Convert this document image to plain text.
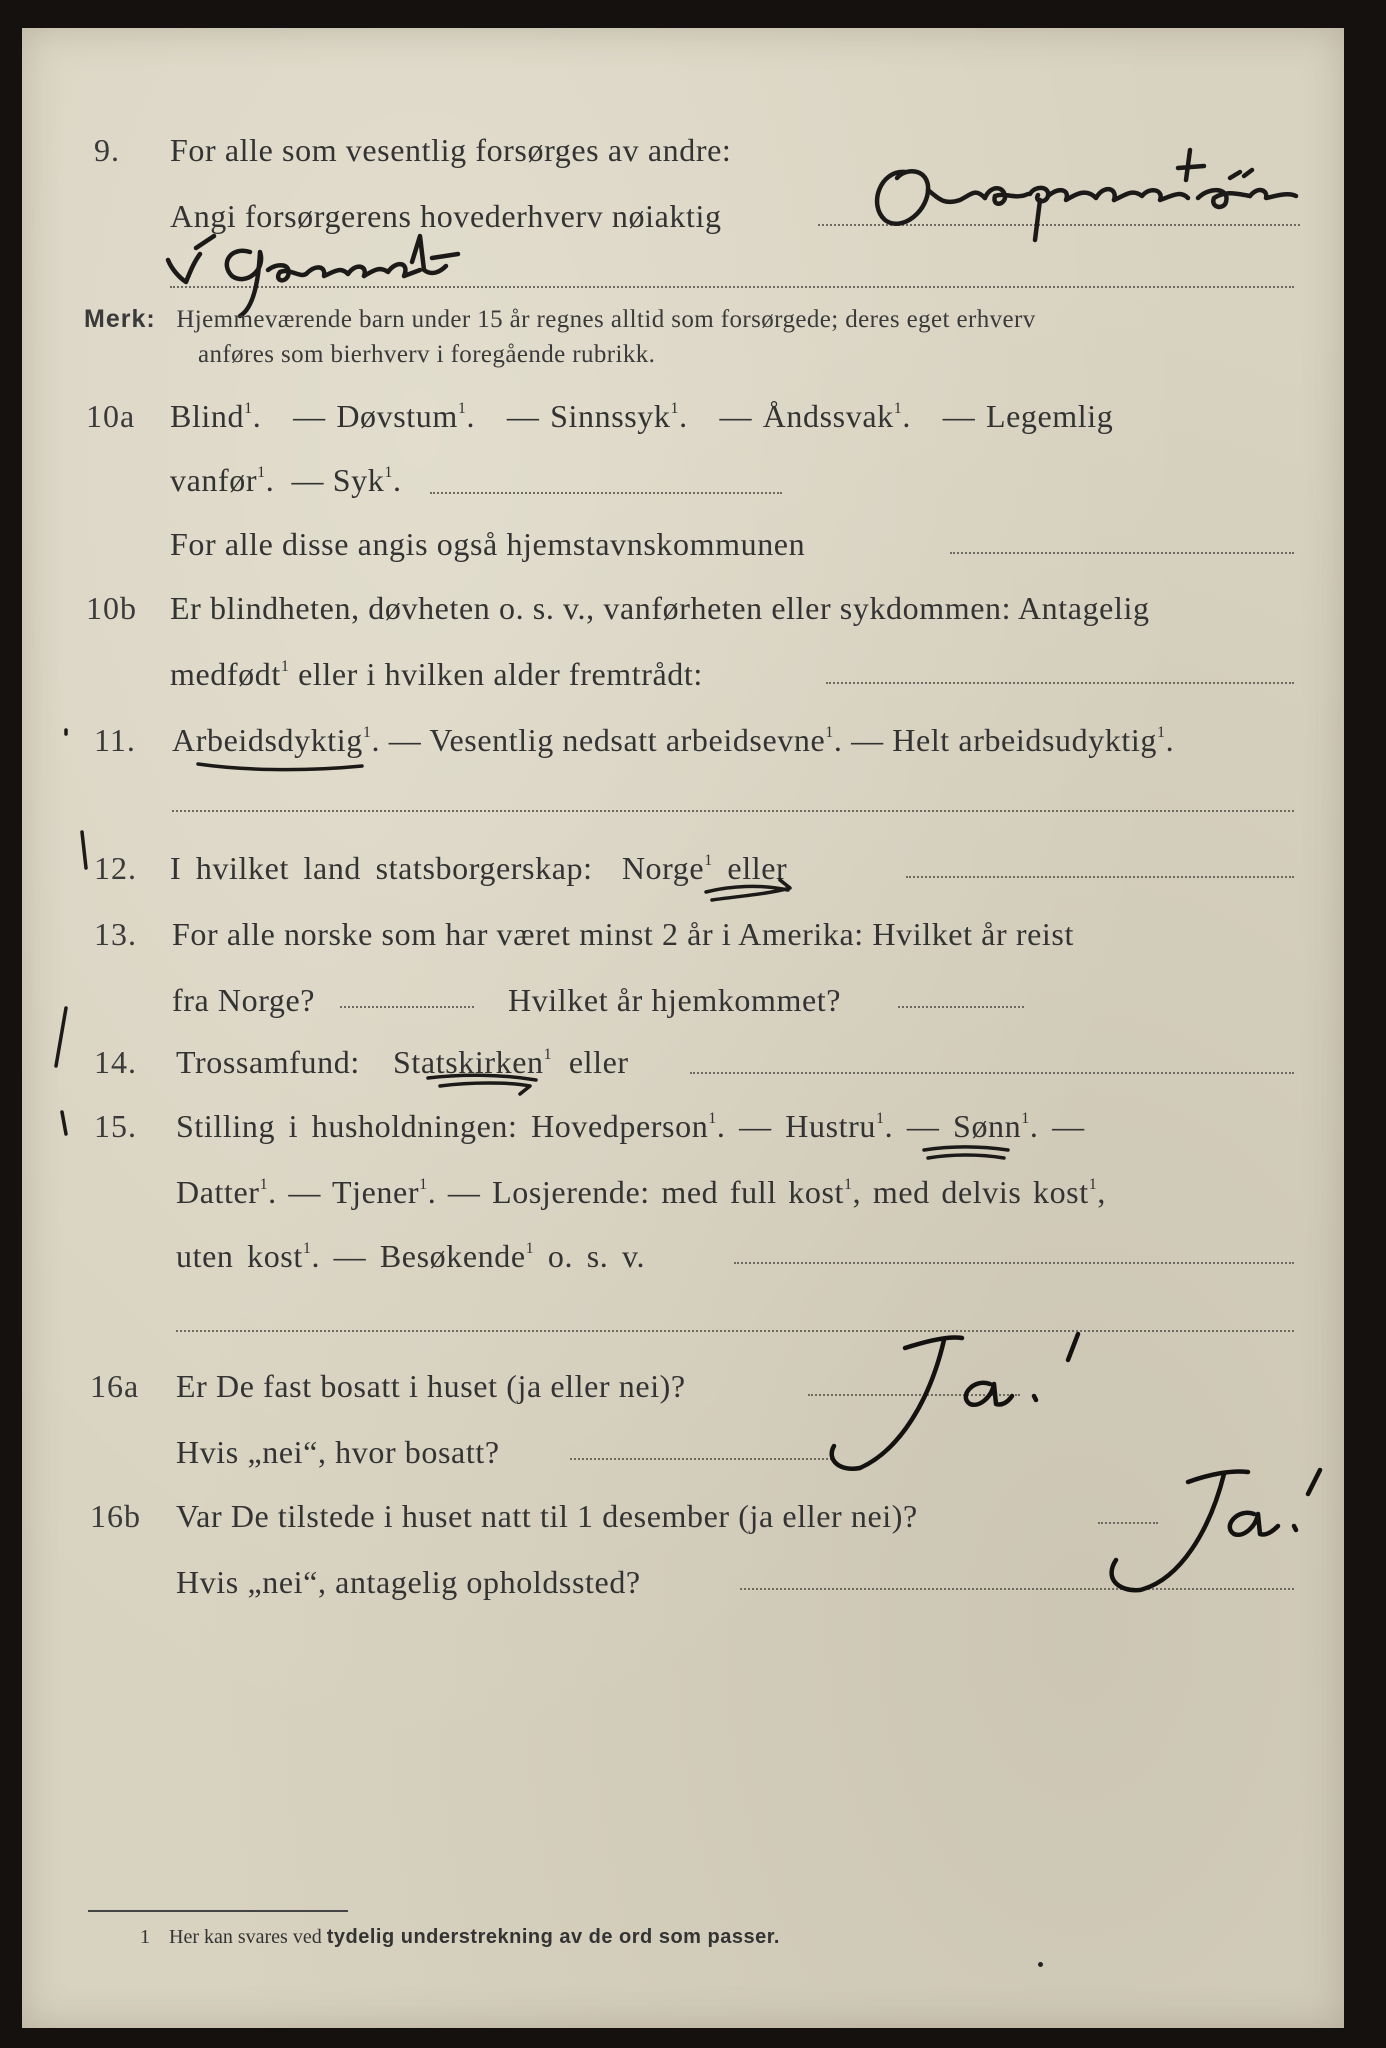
9. For alle som vesentlig forsørges av andre:
Angi forsørgerens hovederhverv nøiaktig
Merk: Hjemmeværende barn under 15 år regnes alltid som forsørgede; deres eget erhverv
anføres som bierhverv i foregående rubrikk.
10a Blind$^1$.   — Døvstum$^1$.   — Sinnssyk$^1$.   — Åndssvak$^1$.   — Legemlig
vanfør$^1$.  — Syk$^1$.
For alle disse angis også hjemstavnskommunen
10b Er blindheten, døvheten o. s. v., vanførheten eller sykdommen: Antagelig
medfødt$^1$ eller i hvilken alder fremtrådt:
11. Arbeidsdyktig$^1$. — Vesentlig nedsatt arbeidsevne$^1$. — Helt arbeidsudyktig$^1$.
12. I hvilket land statsborgerskap: Norge$^1$ eller
13. For alle norske som har været minst 2 år i Amerika: Hvilket år reist
fra Norge?	Hvilket år hjemkommet?
14. Trossamfund: Statskirken$^1$ eller
15. Stilling i husholdningen: Hovedperson$^1$. — Hustru$^1$. — Sønn$^1$. —
Datter$^1$. — Tjener$^1$. — Losjerende: med full kost$^1$, med delvis kost$^1$,
uten kost$^1$. — Besøkende$^1$ o. s. v.
16a Er De fast bosatt i huset (ja eller nei)?
Hvis „nei“, hvor bosatt?
16b Var De tilstede i huset natt til 1 desember (ja eller nei)?
Hvis „nei“, antagelig opholdssted?
1 Her kan svares ved tydelig understrekning av de ord som passer.
